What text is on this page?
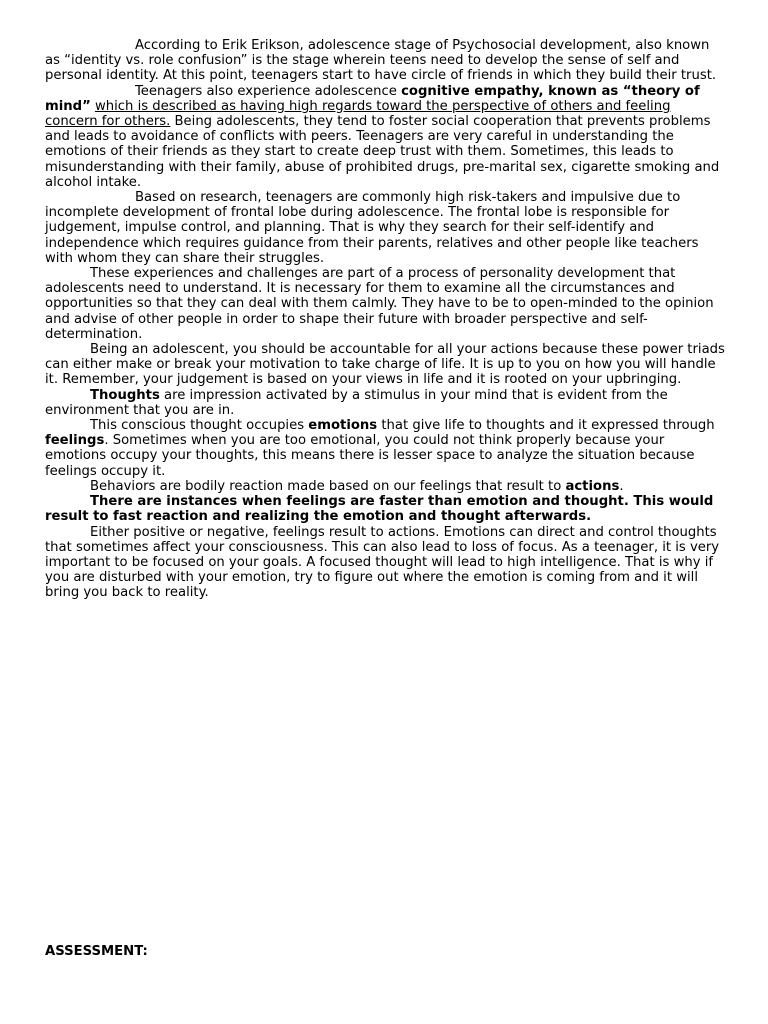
According to Erik Erikson, adolescence stage of Psychosocial development, also known as “identity vs. role confusion” is the stage wherein teens need to develop the sense of self and personal identity. At this point, teenagers start to have circle of friends in which they build their trust.

Teenagers also experience adolescence cognitive empathy, known as “theory of mind” which is described as having high regards toward the perspective of others and feeling concern for others. Being adolescents, they tend to foster social cooperation that prevents problems and leads to avoidance of conflicts with peers. Teenagers are very careful in understanding the emotions of their friends as they start to create deep trust with them. Sometimes, this leads to misunderstanding with their family, abuse of prohibited drugs, pre-marital sex, cigarette smoking and alcohol intake.

Based on research, teenagers are commonly high risk-takers and impulsive due to incomplete development of frontal lobe during adolescence. The frontal lobe is responsible for judgement, impulse control, and planning. That is why they search for their self-identify and independence which requires guidance from their parents, relatives and other people like teachers with whom they can share their struggles.

These experiences and challenges are part of a process of personality development that adolescents need to understand. It is necessary for them to examine all the circumstances and opportunities so that they can deal with them calmly. They have to be to open-minded to the opinion and advise of other people in order to shape their future with broader perspective and self-determination.

Being an adolescent, you should be accountable for all your actions because these power triads can either make or break your motivation to take charge of life. It is up to you on how you will handle it. Remember, your judgement is based on your views in life and it is rooted on your upbringing.

Thoughts are impression activated by a stimulus in your mind that is evident from the environment that you are in.

This conscious thought occupies emotions that give life to thoughts and it expressed through feelings. Sometimes when you are too emotional, you could not think properly because your emotions occupy your thoughts, this means there is lesser space to analyze the situation because feelings occupy it.

Behaviors are bodily reaction made based on our feelings that result to actions.

There are instances when feelings are faster than emotion and thought. This would result to fast reaction and realizing the emotion and thought afterwards.

Either positive or negative, feelings result to actions. Emotions can direct and control thoughts that sometimes affect your consciousness. This can also lead to loss of focus. As a teenager, it is very important to be focused on your goals. A focused thought will lead to high intelligence. That is why if you are disturbed with your emotion, try to figure out where the emotion is coming from and it will bring you back to reality.

ASSESSMENT:
